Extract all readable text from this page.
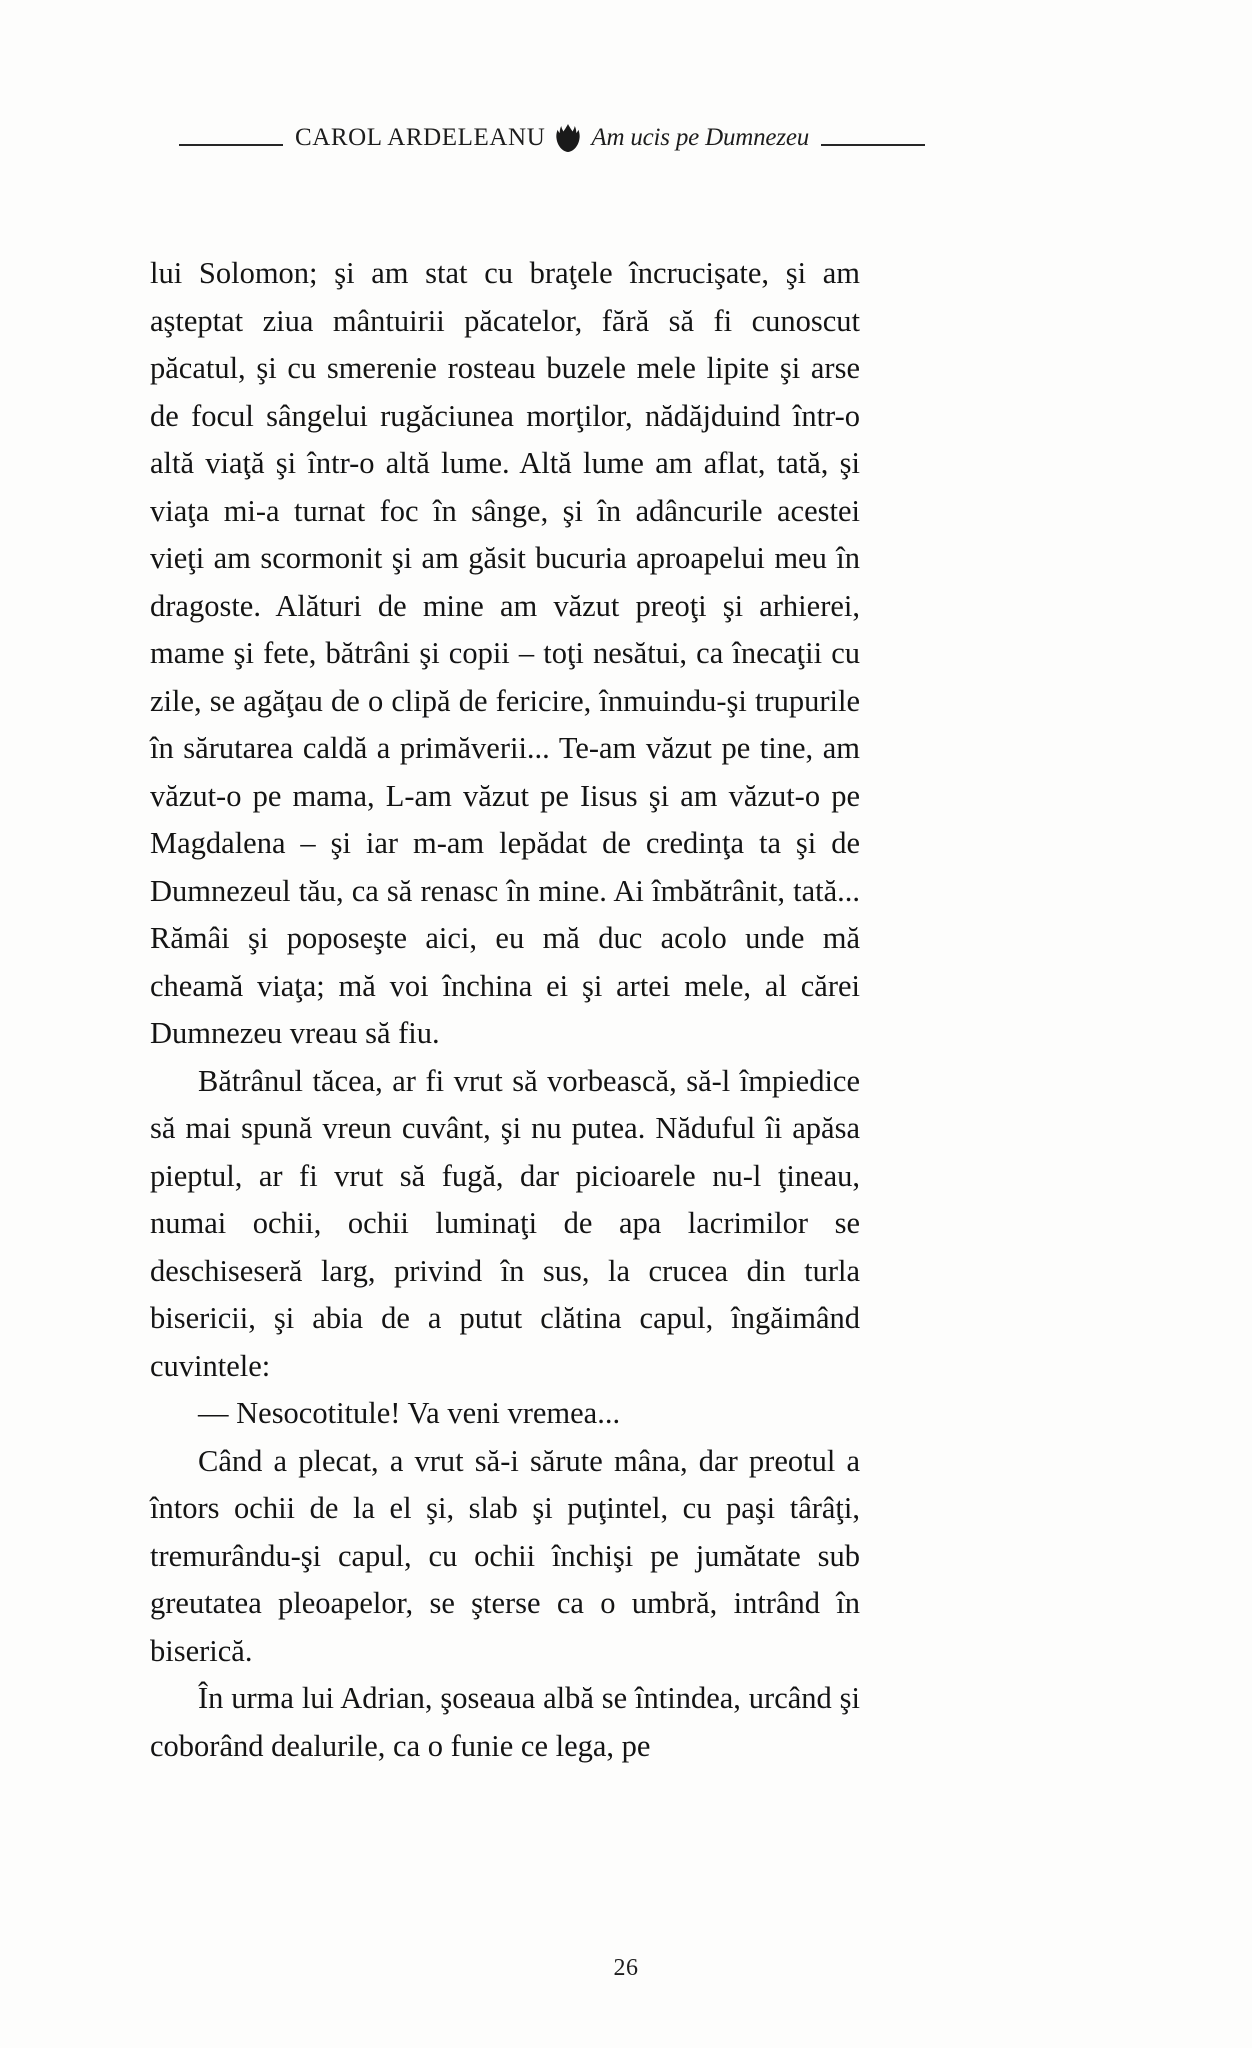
CAROL ARDELEANU Am ucis pe Dumnezeu

lui Solomon; şi am stat cu braţele încrucişate, şi am aşteptat ziua mântuirii păcatelor, fără să fi cunoscut păcatul, şi cu smerenie rosteau buzele mele lipite şi arse de focul sângelui rugăciunea morţilor, nădăjduind într-o altă viaţă şi într-o altă lume. Altă lume am aflat, tată, şi viaţa mi-a turnat foc în sânge, şi în adâncurile acestei vieţi am scormonit şi am găsit bucuria aproapelui meu în dragoste. Alături de mine am văzut preoţi şi arhierei, mame şi fete, bătrâni şi copii – toţi nesătui, ca înecaţii cu zile, se agăţau de o clipă de fericire, înmuindu-şi trupurile în sărutarea caldă a primăverii... Te-am văzut pe tine, am văzut-o pe mama, L-am văzut pe Iisus şi am văzut-o pe Magdalena – şi iar m-am lepădat de credinţa ta şi de Dumnezeul tău, ca să renasc în mine. Ai îmbătrânit, tată... Rămâi şi poposeşte aici, eu mă duc acolo unde mă cheamă viaţa; mă voi închina ei şi artei mele, al cărei Dumnezeu vreau să fiu.

Bătrânul tăcea, ar fi vrut să vorbească, să-l împiedice să mai spună vreun cuvânt, şi nu putea. Năduful îi apăsa pieptul, ar fi vrut să fugă, dar picioarele nu-l ţineau, numai ochii, ochii luminaţi de apa lacrimilor se deschiseseră larg, privind în sus, la crucea din turla bisericii, şi abia de a putut clătina capul, îngăimând cuvintele:

— Nesocotitule! Va veni vremea...

Când a plecat, a vrut să-i sărute mâna, dar preotul a întors ochii de la el şi, slab şi puţintel, cu paşi târâţi, tremurându-şi capul, cu ochii închişi pe jumătate sub greutatea pleoapelor, se şterse ca o umbră, intrând în biserică.

În urma lui Adrian, şoseaua albă se întindea, urcând şi coborând dealurile, ca o funie ce lega, pe

26
